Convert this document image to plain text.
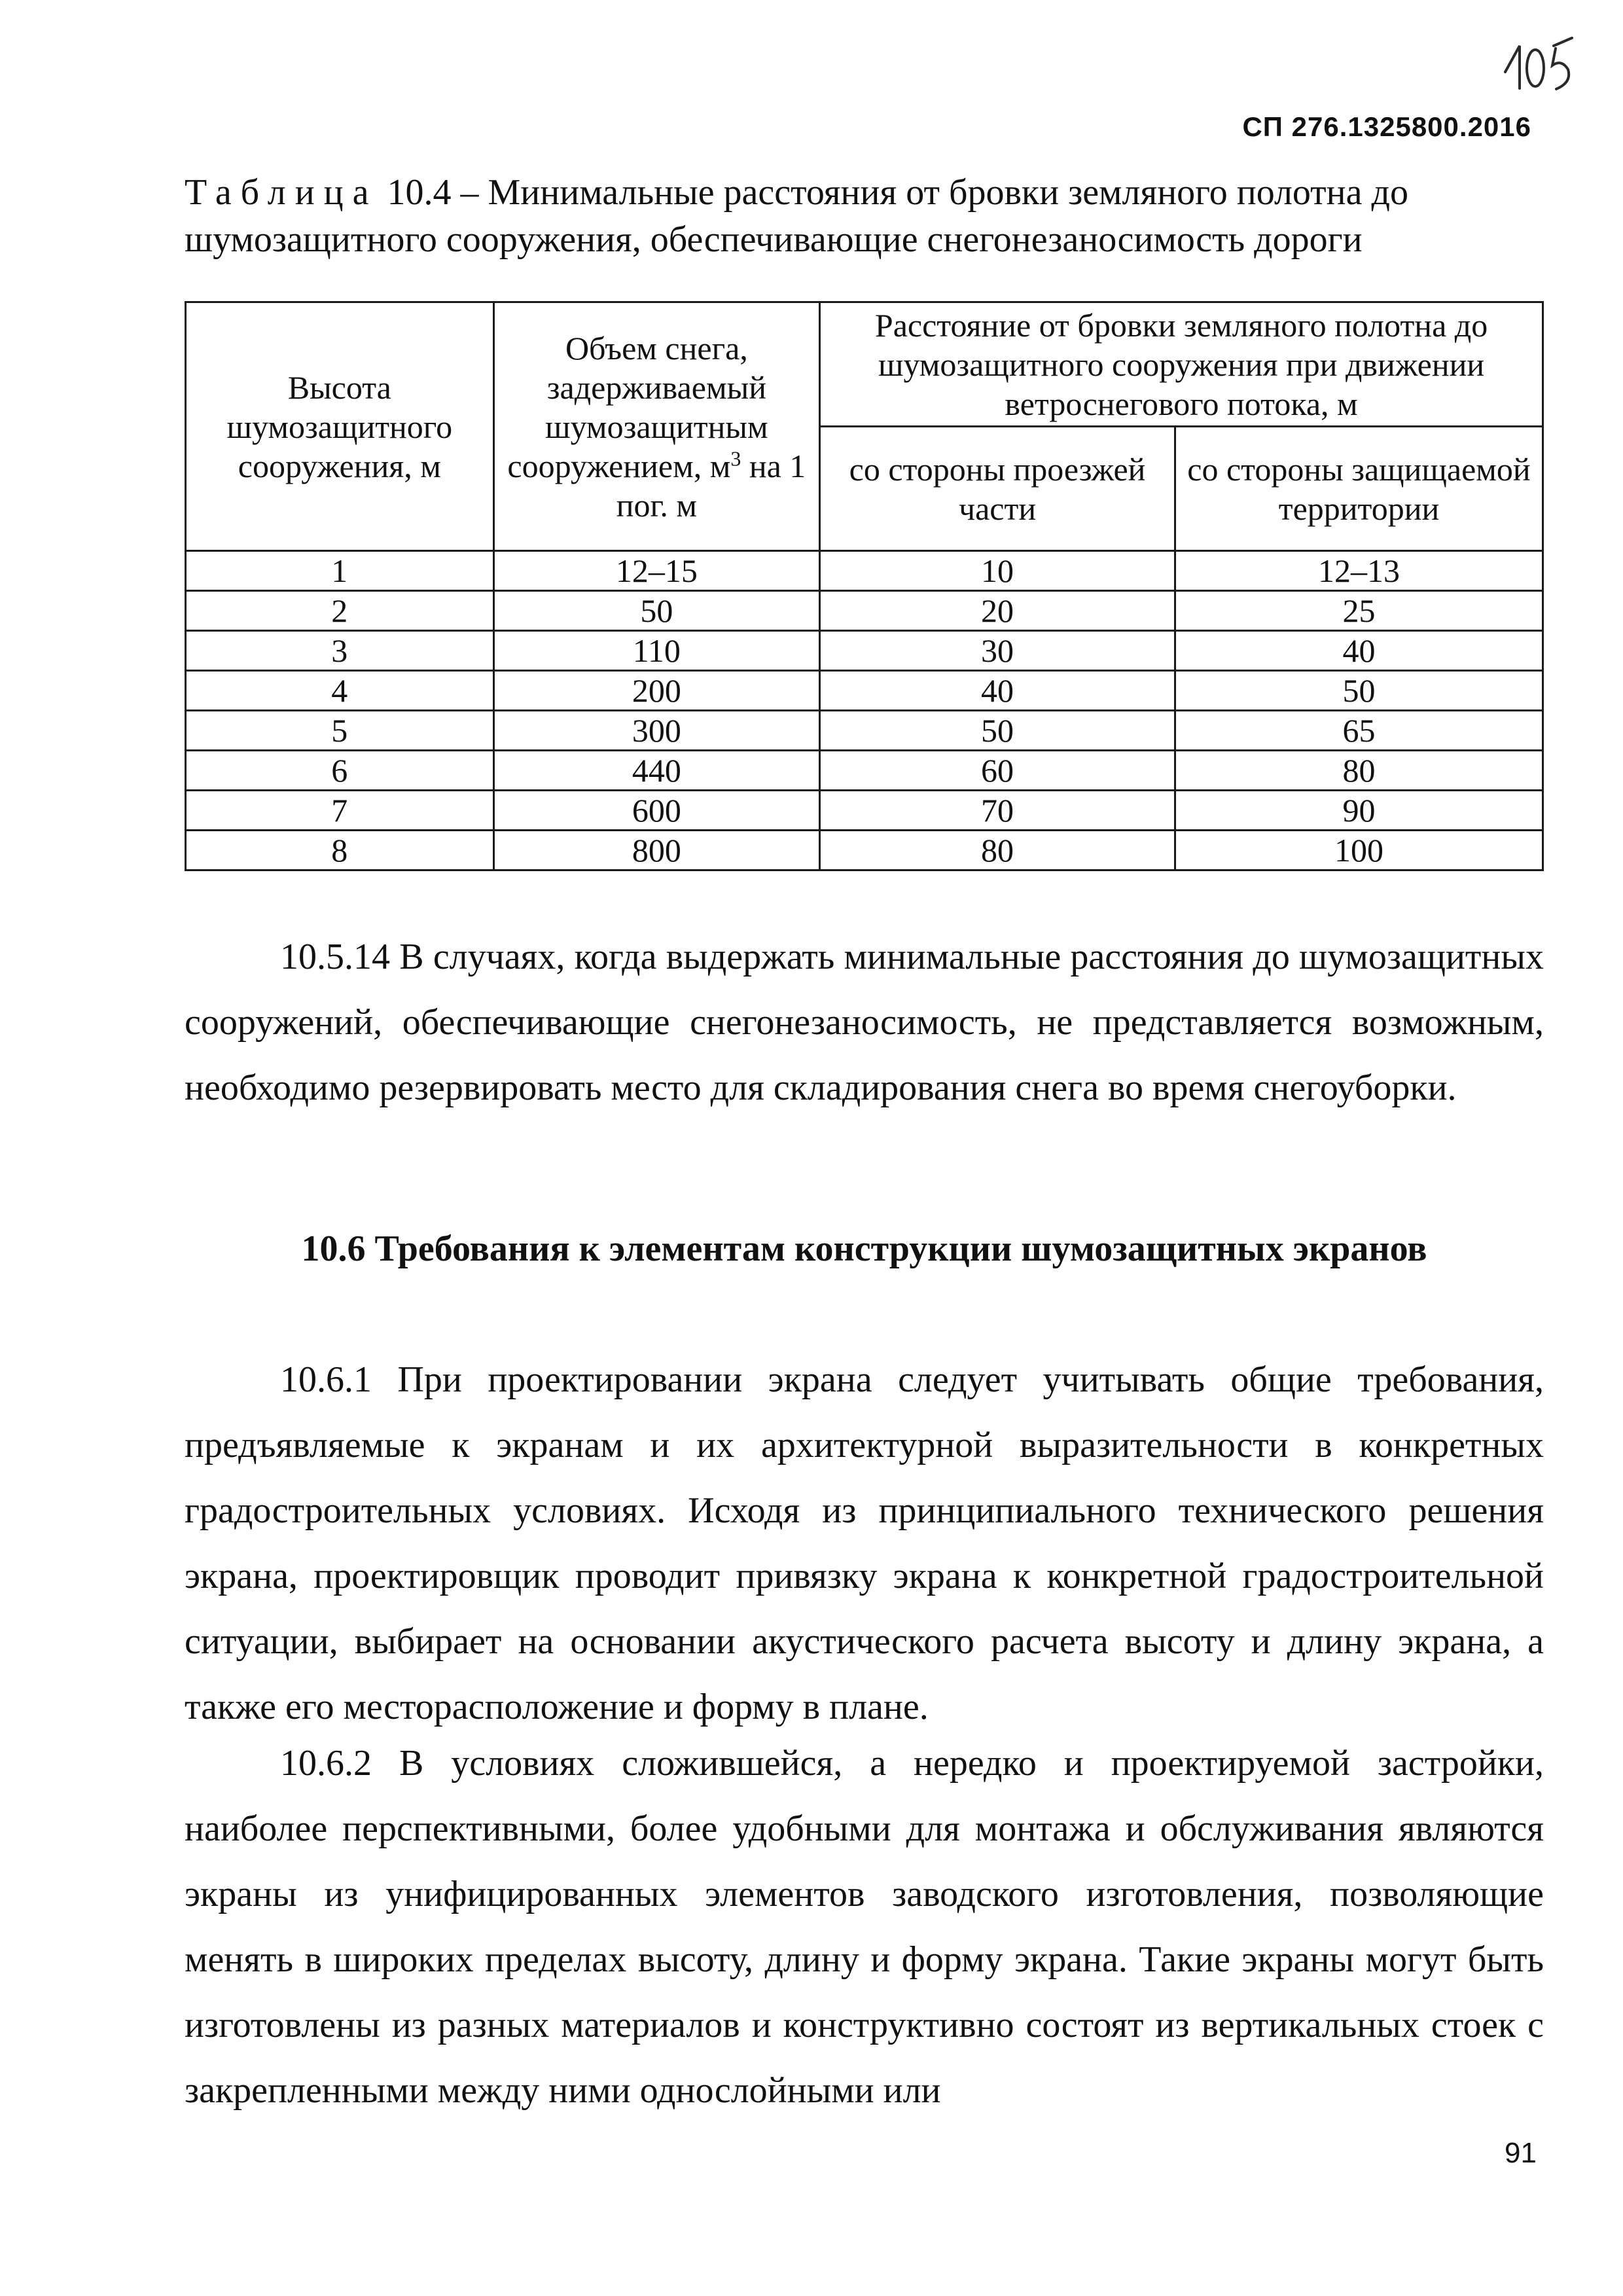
СП 276.1325800.2016
Таблица 10.4 – Минимальные расстояния от бровки земляного полотна до шумозащитного сооружения, обеспечивающие снегонезаносимость дороги
Высота шумозащитного сооружения, м	Объем снега, задерживаемый шумозащитным сооружением, $м^3$ на 1 пог. м	Расстояние от бровки земляного полотна до шумозащитного сооружения при движении ветроснегового потока, м	
		со стороны проезжей части	со стороны защищаемой территории
1	12–15	10	12–13
2	50	20	25
3	110	30	40
4	200	40	50
5	300	50	65
6	440	60	80
7	600	70	90
8	800	80	100
10.5.14 В случаях, когда выдержать минимальные расстояния до шумозащитных сооружений, обеспечивающие снегонезаносимость, не представляется возможным, необходимо резервировать место для складирования снега во время снегоуборки.
10.6 Требования к элементам конструкции шумозащитных экранов
10.6.1 При проектировании экрана следует учитывать общие требования, предъявляемые к экранам и их архитектурной выразительности в конкретных градостроительных условиях. Исходя из принципиального технического решения экрана, проектировщик проводит привязку экрана к конкретной градостроительной ситуации, выбирает на основании акустического расчета высоту и длину экрана, а также его месторасположение и форму в плане.
10.6.2 В условиях сложившейся, а нередко и проектируемой застройки, наиболее перспективными, более удобными для монтажа и обслуживания являются экраны из унифицированных элементов заводского изготовления, позволяющие менять в широких пределах высоту, длину и форму экрана. Такие экраны могут быть изготовлены из разных материалов и конструктивно состоят из вертикальных стоек с закрепленными между ними однослойными или
91
